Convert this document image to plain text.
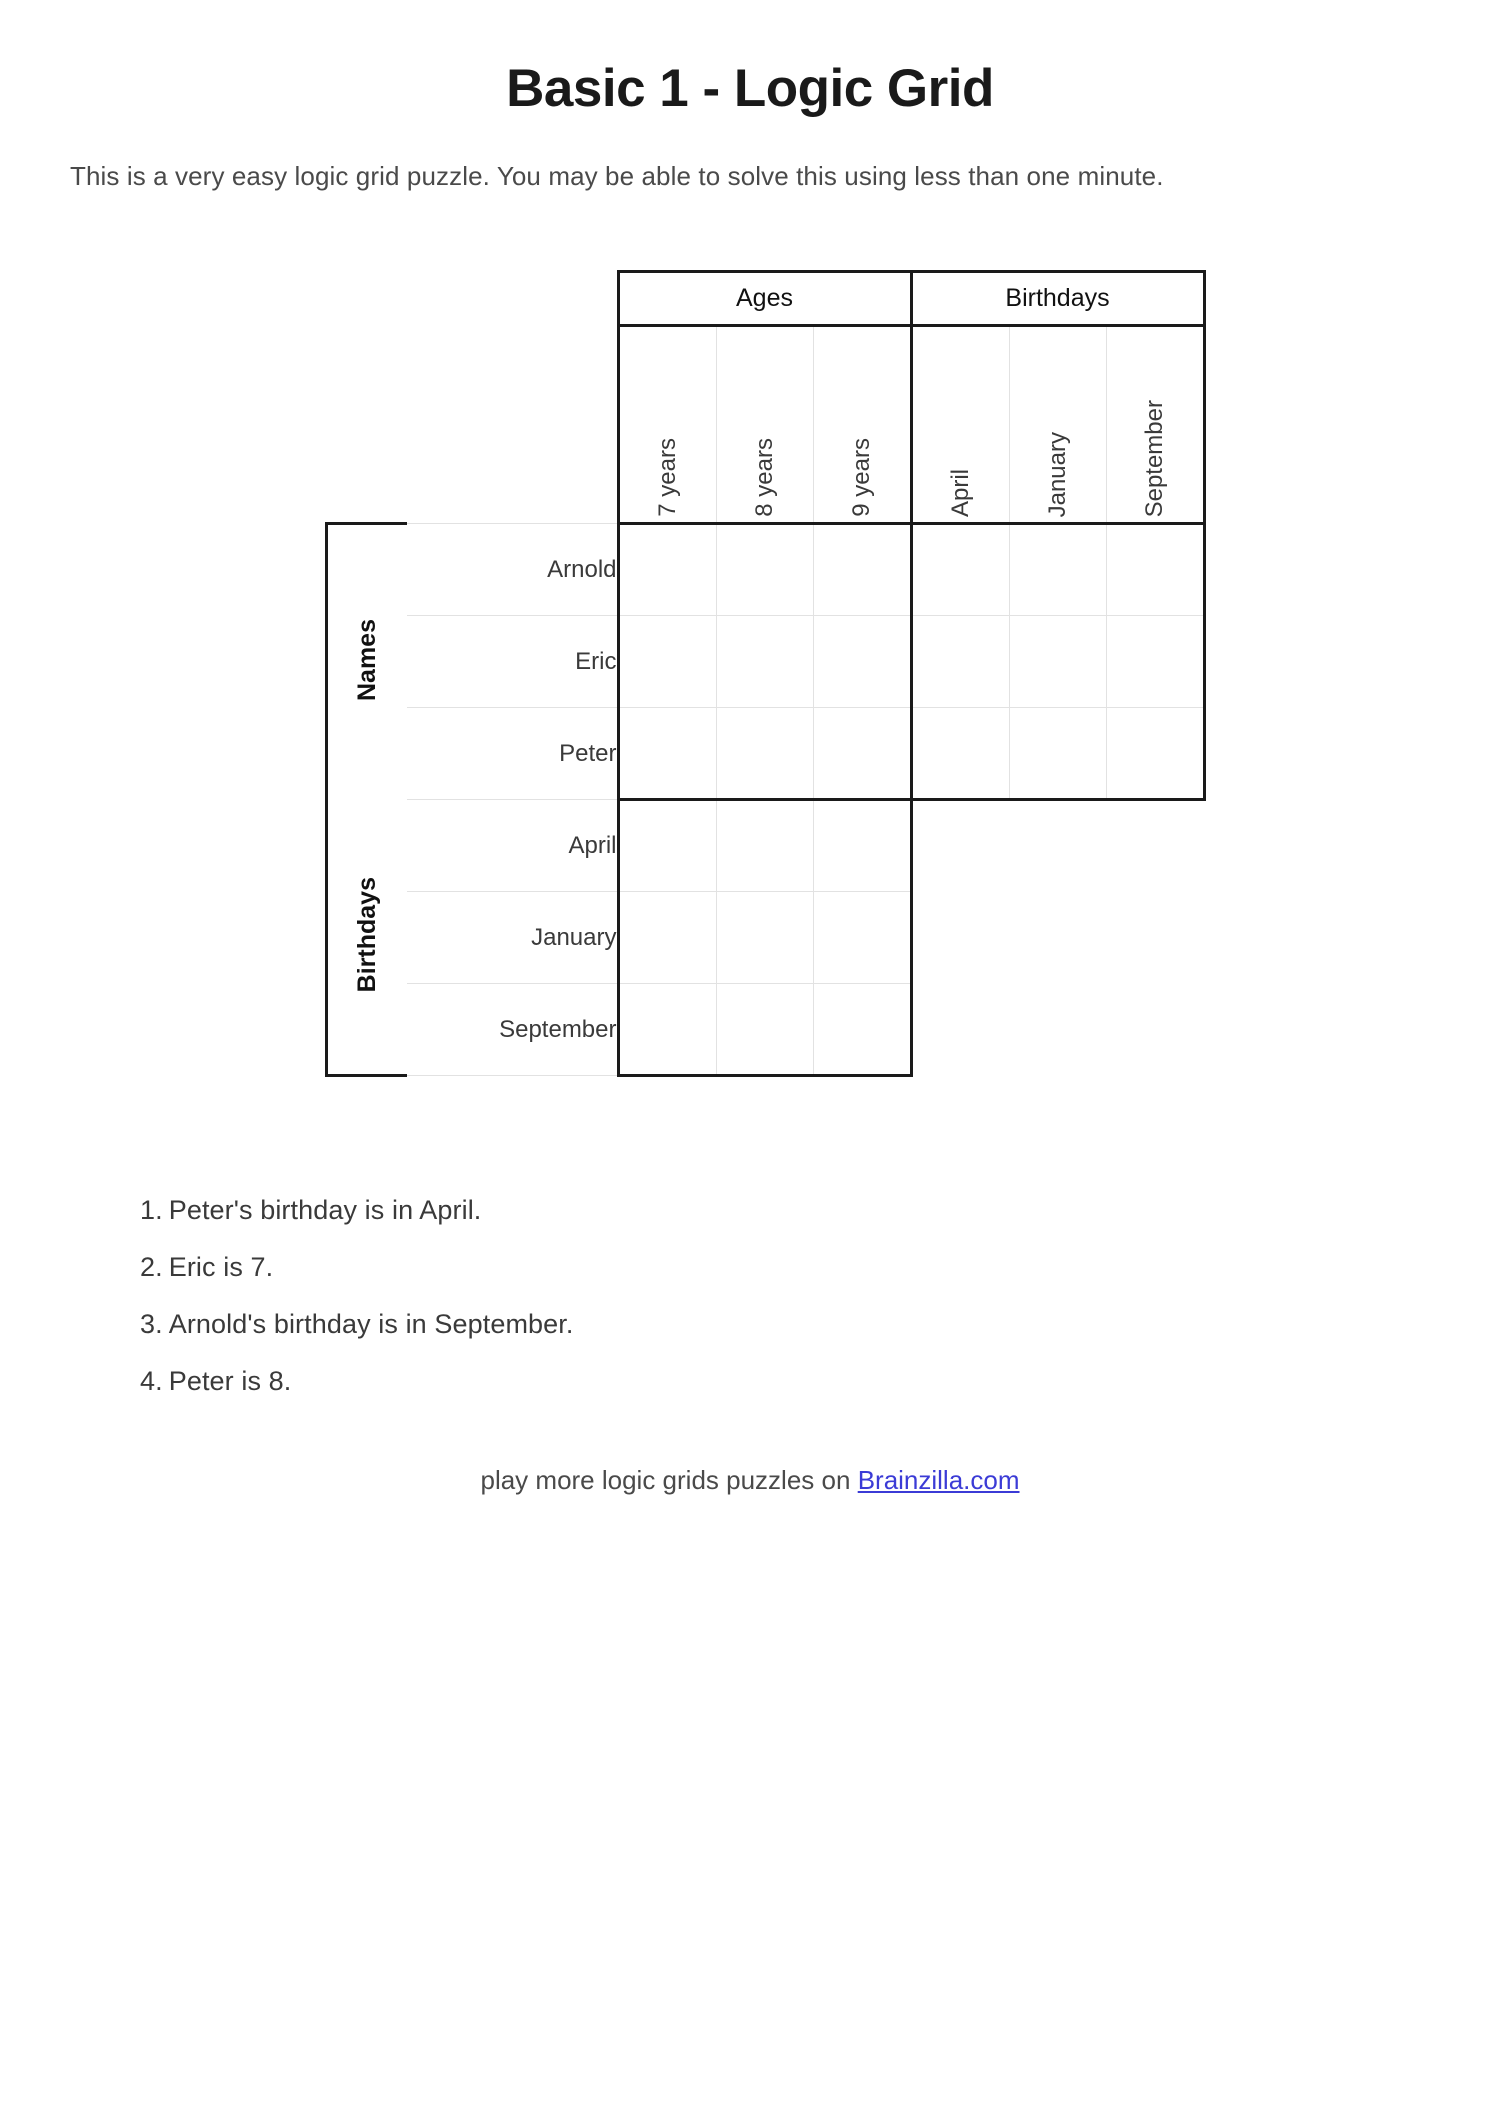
Basic 1 - Logic Grid

This is a very easy logic grid puzzle. You may be able to solve this using less than one minute.

		Ages			Birthdays		
		7 years	8 years	9 years	April	January	September
Names	Arnold						
	Eric						
	Peter						
Birthdays	April						
	January						
	September						
1. Peter's birthday is in April.
2. Eric is 7.
3. Arnold's birthday is in September.
4. Peter is 8.
play more logic grids puzzles on Brainzilla.com
